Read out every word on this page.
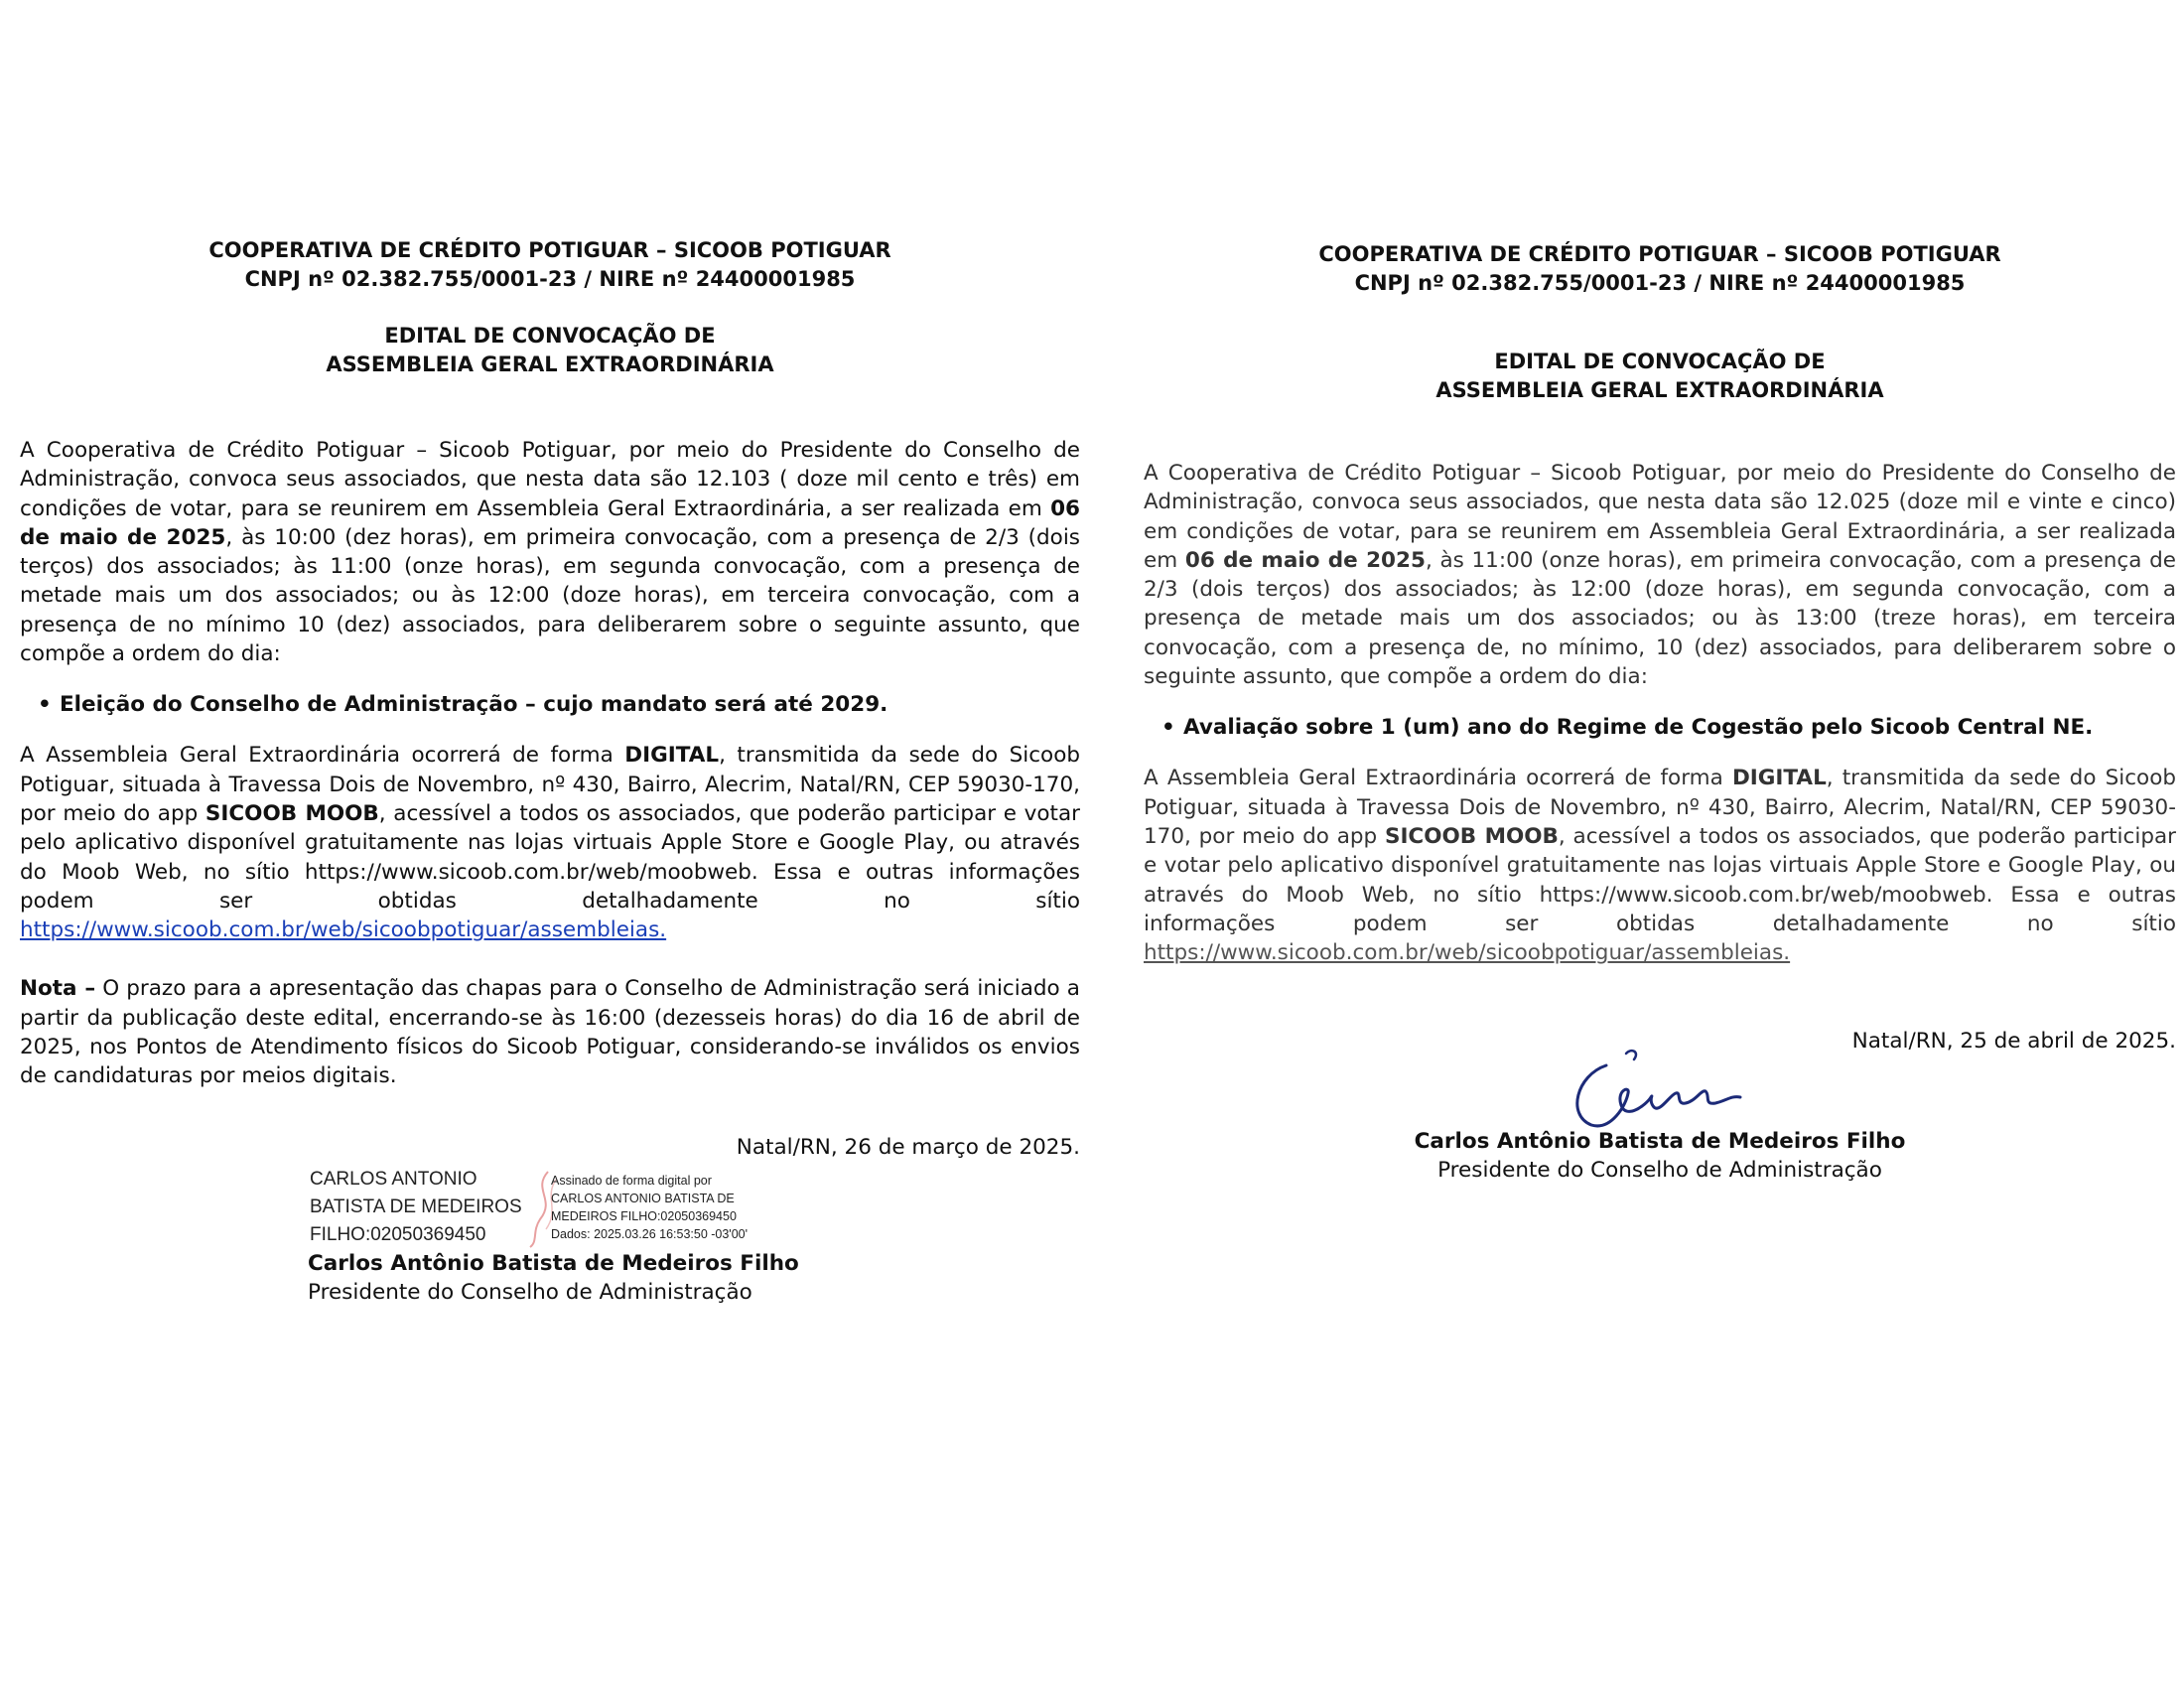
COOPERATIVA DE CRÉDITO POTIGUAR – SICOOB POTIGUAR
CNPJ nº 02.382.755/0001-23 / NIRE nº 24400001985
EDITAL DE CONVOCAÇÃO DE
ASSEMBLEIA GERAL EXTRAORDINÁRIA

A Cooperativa de Crédito Potiguar – Sicoob Potiguar, por meio do Presidente do Conselho de Administração, convoca seus associados, que nesta data são 12.103 ( doze mil cento e três) em condições de votar, para se reunirem em Assembleia Geral Extraordinária, a ser realizada em 06 de maio de 2025, às 10:00 (dez horas), em primeira convocação, com a presença de 2/3 (dois terços) dos associados; às 11:00 (onze horas), em segunda convocação, com a presença de metade mais um dos associados; ou às 12:00 (doze horas), em terceira convocação, com a presença de no mínimo 10 (dez) associados, para deliberarem sobre o seguinte assunto, que compõe a ordem do dia:

• Eleição do Conselho de Administração – cujo mandato será até 2029.

A Assembleia Geral Extraordinária ocorrerá de forma DIGITAL, transmitida da sede do Sicoob Potiguar, situada à Travessa Dois de Novembro, nº 430, Bairro, Alecrim, Natal/RN, CEP 59030-170, por meio do app SICOOB MOOB, acessível a todos os associados, que poderão participar e votar pelo aplicativo disponível gratuitamente nas lojas virtuais Apple Store e Google Play, ou através do Moob Web, no sítio https://www.sicoob.com.br/web/moobweb. Essa e outras informações podem ser obtidas detalhadamente no sítio https://www.sicoob.com.br/web/sicoobpotiguar/assembleias.

Nota – O prazo para a apresentação das chapas para o Conselho de Administração será iniciado a partir da publicação deste edital, encerrando-se às 16:00 (dezesseis horas) do dia 16 de abril de 2025, nos Pontos de Atendimento físicos do Sicoob Potiguar, considerando-se inválidos os envios de candidaturas por meios digitais.

Natal/RN, 26 de março de 2025.
CARLOS ANTONIO
BATISTA DE MEDEIROS
FILHO:02050369450
Assinado de forma digital por
CARLOS ANTONIO BATISTA DE
MEDEIROS FILHO:02050369450
Dados: 2025.03.26 16:53:50 -03'00'
Carlos Antônio Batista de Medeiros Filho
Presidente do Conselho de Administração
COOPERATIVA DE CRÉDITO POTIGUAR – SICOOB POTIGUAR
CNPJ nº 02.382.755/0001-23 / NIRE nº 24400001985
EDITAL DE CONVOCAÇÃO DE
ASSEMBLEIA GERAL EXTRAORDINÁRIA

A Cooperativa de Crédito Potiguar – Sicoob Potiguar, por meio do Presidente do Conselho de Administração, convoca seus associados, que nesta data são 12.025 (doze mil e vinte e cinco) em condições de votar, para se reunirem em Assembleia Geral Extraordinária, a ser realizada em 06 de maio de 2025, às 11:00 (onze horas), em primeira convocação, com a presença de 2/3 (dois terços) dos associados; às 12:00 (doze horas), em segunda convocação, com a presença de metade mais um dos associados; ou às 13:00 (treze horas), em terceira convocação, com a presença de, no mínimo, 10 (dez) associados, para deliberarem sobre o seguinte assunto, que compõe a ordem do dia:

• Avaliação sobre 1 (um) ano do Regime de Cogestão pelo Sicoob Central NE.

A Assembleia Geral Extraordinária ocorrerá de forma DIGITAL, transmitida da sede do Sicoob Potiguar, situada à Travessa Dois de Novembro, nº 430, Bairro, Alecrim, Natal/RN, CEP 59030-170, por meio do app SICOOB MOOB, acessível a todos os associados, que poderão participar e votar pelo aplicativo disponível gratuitamente nas lojas virtuais Apple Store e Google Play, ou através do Moob Web, no sítio https://www.sicoob.com.br/web/moobweb. Essa e outras informações podem ser obtidas detalhadamente no sítio https://www.sicoob.com.br/web/sicoobpotiguar/assembleias.

Natal/RN, 25 de abril de 2025.
Carlos Antônio Batista de Medeiros Filho
Presidente do Conselho de Administração
